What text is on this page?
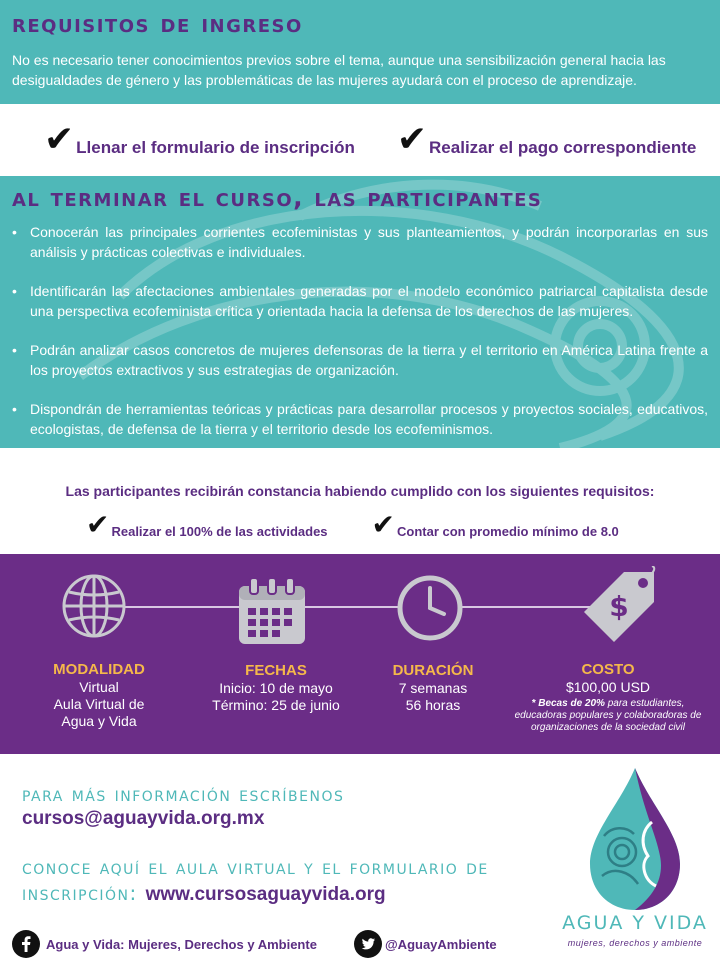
requisitos de ingreso

No es necesario tener conocimientos previos sobre el tema, aunque una sensibilización general hacia las desigualdades de género y las problemáticas de las mujeres ayudará con el proceso de aprendizaje.

✔ Llenar el formulario de inscripción ✔ Realizar el pago correspondiente
al terminar el curso, las participantes
• Conocerán las principales corrientes ecofeministas y sus planteamientos, y podrán incorporarlas en sus análisis y prácticas colectivas e individuales.
• Identificarán las afectaciones ambientales generadas por el modelo económico patriarcal capitalista desde una perspectiva ecofeminista crítica y orientada hacia la defensa de los derechos de las mujeres.
• Podrán analizar casos concretos de mujeres defensoras de la tierra y el territorio en América Latina frente a los proyectos extractivos y sus estrategias de organización.
• Dispondrán de herramientas teóricas y prácticas para desarrollar procesos y proyectos sociales, educativos, ecologistas, de defensa de la tierra y el territorio desde los ecofeminismos.
Las participantes recibirán constancia habiendo cumplido con los siguientes requisitos:
✔ Realizar el 100% de las actividades ✔ Contar con promedio mínimo de 8.0
$
MODALIDAD
Virtual
Aula Virtual de
Agua y Vida
FECHAS
Inicio: 10 de mayo
Término: 25 de junio
DURACIÓN
7 semanas
56 horas
COSTO
$100,00 USD
* Becas de 20% para estudiantes, educadoras populares y colaboradoras de organizaciones de la sociedad civil
para más información escríbenos
cursos@aguayvida.org.mx
conoce aquí el aula virtual y el formulario de inscripción: www.cursosaguayvida.org
Agua y Vida: Mujeres, Derechos y Ambiente	@AguayAmbiente
AGUA Y VIDA
mujeres, derechos y ambiente
